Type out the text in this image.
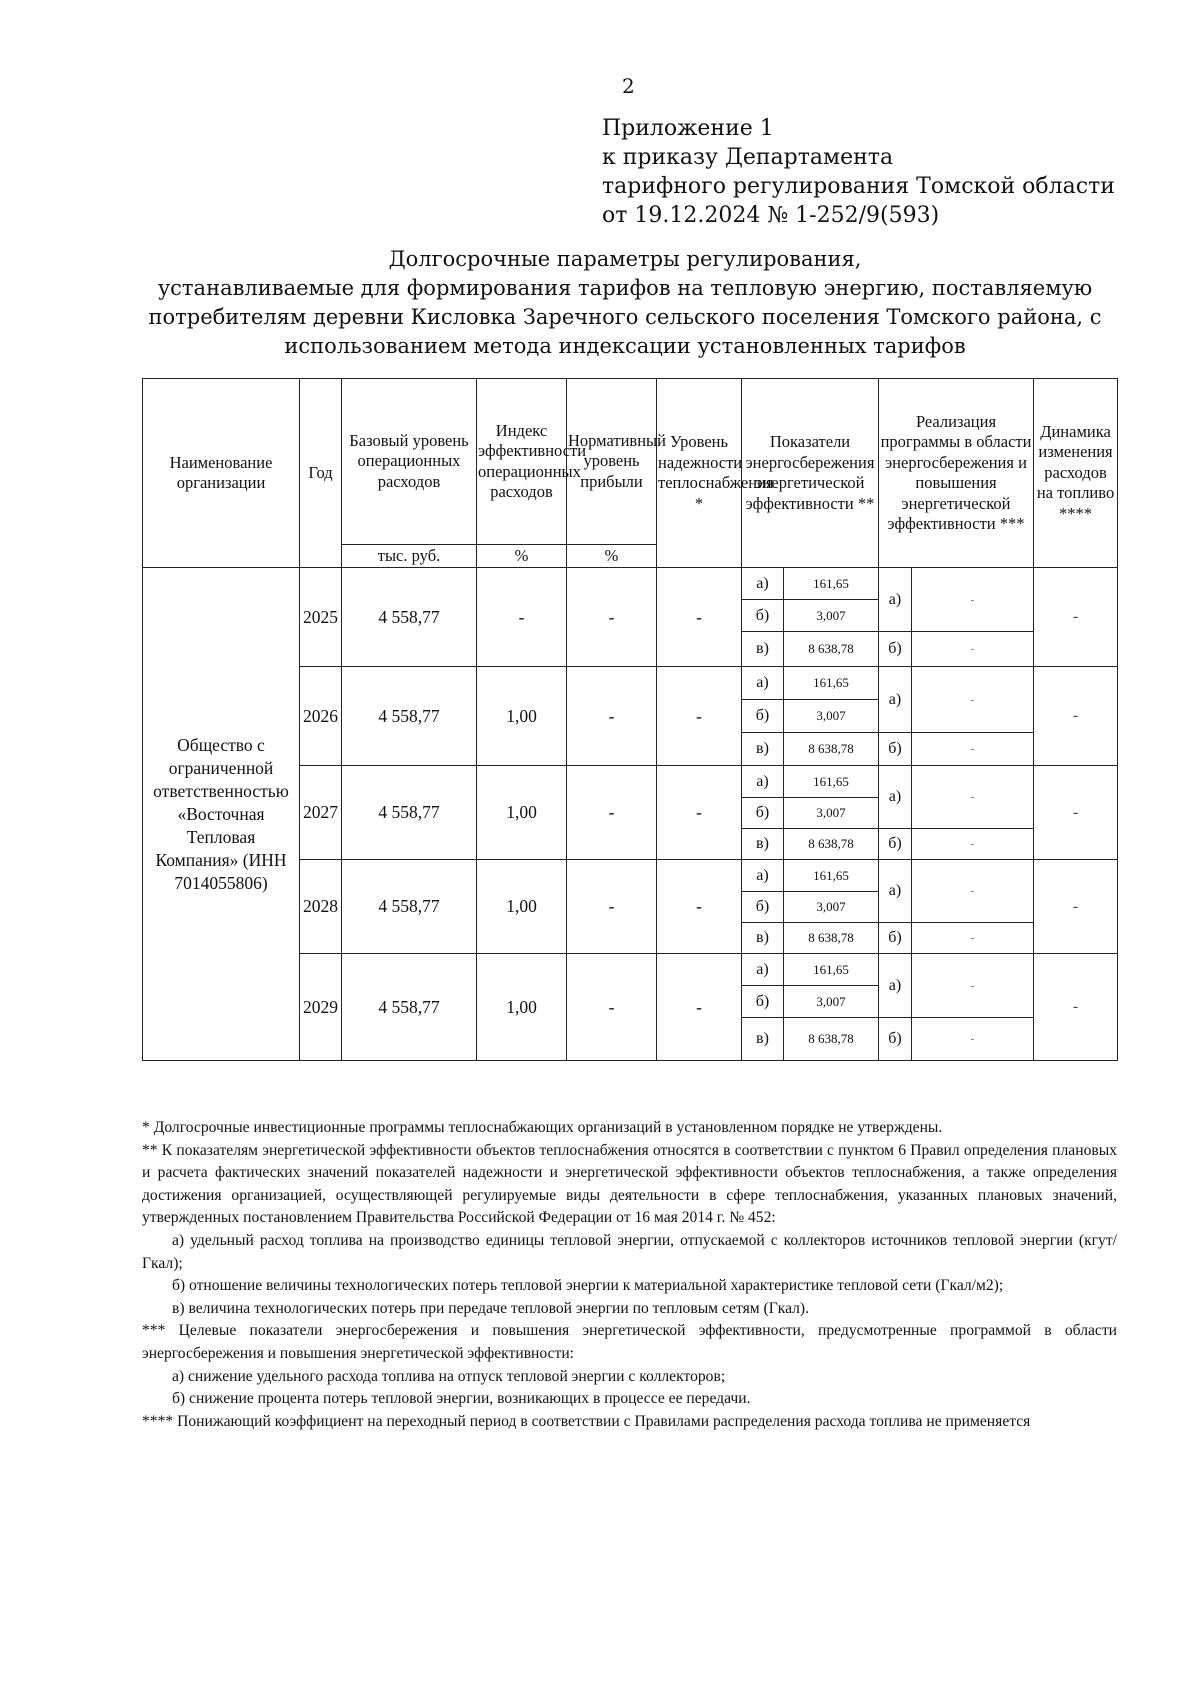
2
Приложение 1
к приказу Департамента
тарифного регулирования Томской области
от 19.12.2024 № 1-252/9(593)
Долгосрочные параметры регулирования,
устанавливаемые для формирования тарифов на тепловую энергию, поставляемую
потребителям деревни Кисловка Заречного сельского поселения Томского района, с
использованием метода индексации установленных тарифов
Наименование организации	Год	Базовый уровень операционных расходов	Индекс эффективности операционных расходов	Нормативный уровень прибыли	Уровень надежности теплоснабжения *	Показатели энергосбережения энергетической эффективности **		Реализация программы в области энергосбережения и повышения энергетической эффективности ***		Динамика изменения расходов на топливо ****
		тыс. руб.	%	%						
Общество с ограниченной ответственностью «Восточная Тепловая Компания» (ИНН 7014055806)	2025	4 558,77	-	-	-	а)	161,65	а)	-	-
						б)	3,007			
						в)	8 638,78	б)	-	
	2026	4 558,77	1,00	-	-	а)	161,65	а)	-	-
						б)	3,007			
						в)	8 638,78	б)	-	
	2027	4 558,77	1,00	-	-	а)	161,65	а)	-	-
						б)	3,007			
						в)	8 638,78	б)	-	
	2028	4 558,77	1,00	-	-	а)	161,65	а)	-	-
						б)	3,007			
						в)	8 638,78	б)	-	
	2029	4 558,77	1,00	-	-	а)	161,65	а)	-	-
						б)	3,007			
						в)	8 638,78	б)	-	

* Долгосрочные инвестиционные программы теплоснабжающих организаций в установленном порядке не утверждены.

** К показателям энергетической эффективности объектов теплоснабжения относятся в соответствии с пунктом 6 Правил определения плановых и расчета фактических значений показателей надежности и энергетической эффективности объектов теплоснабжения, а также определения достижения организацией, осуществляющей регулируемые виды деятельности в сфере теплоснабжения, указанных плановых значений, утвержденных постановлением Правительства Российской Федерации от 16 мая 2014 г. № 452:

а) удельный расход топлива на производство единицы тепловой энергии, отпускаемой с коллекторов источников тепловой энергии (кгут/Гкал);

б) отношение величины технологических потерь тепловой энергии к материальной характеристике тепловой сети (Гкал/м2);

в) величина технологических потерь при передаче тепловой энергии по тепловым сетям (Гкал).

*** Целевые показатели энергосбережения и повышения энергетической эффективности, предусмотренные программой в области энергосбережения и повышения энергетической эффективности:

а) снижение удельного расхода топлива на отпуск тепловой энергии с коллекторов;

б) снижение процента потерь тепловой энергии, возникающих в процессе ее передачи.

**** Понижающий коэффициент на переходный период в соответствии с Правилами распределения расхода топлива не применяется
